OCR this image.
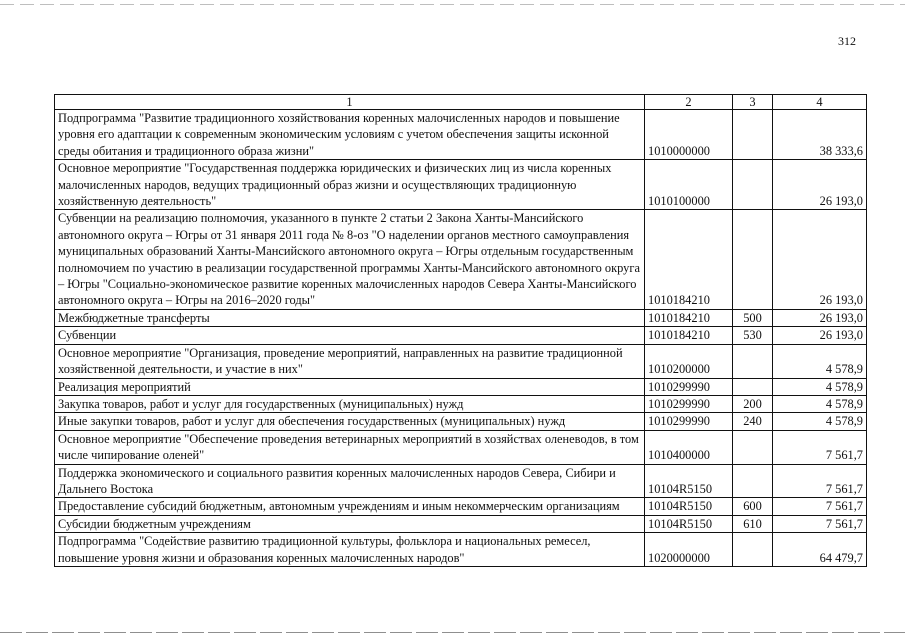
312
1	2	3	4
Подпрограмма "Развитие традиционного хозяйствования коренных малочисленных народов и повышение уровня его адаптации к современным экономическим условиям с учетом обеспечения защиты исконной среды обитания и традиционного образа жизни"	1010000000		38 333,6
Основное мероприятие "Государственная поддержка юридических и физических лиц из числа коренных малочисленных народов, ведущих традиционный образ жизни и осуществляющих традиционную хозяйственную деятельность"	1010100000		26 193,0
Субвенции на реализацию полномочия, указанного в пункте 2 статьи 2 Закона Ханты-Мансийского автономного округа – Югры от 31 января 2011 года № 8-оз "О наделении органов местного самоуправления муниципальных образований Ханты-Мансийского автономного округа – Югры отдельным государственным полномочием по участию в реализации государственной программы Ханты-Мансийского автономного округа – Югры "Социально-экономическое развитие коренных малочисленных народов Севера Ханты-Мансийского автономного округа – Югры на 2016–2020 годы"	1010184210		26 193,0
Межбюджетные трансферты	1010184210	500	26 193,0
Субвенции	1010184210	530	26 193,0
Основное мероприятие "Организация, проведение мероприятий, направленных на развитие традиционной хозяйственной деятельности, и участие в них"	1010200000		4 578,9
Реализация мероприятий	1010299990		4 578,9
Закупка товаров, работ и услуг для государственных (муниципальных) нужд	1010299990	200	4 578,9
Иные закупки товаров, работ и услуг для обеспечения государственных (муниципальных) нужд	1010299990	240	4 578,9
Основное мероприятие "Обеспечение проведения ветеринарных мероприятий в хозяйствах оленеводов, в том числе чипирование оленей"	1010400000		7 561,7
Поддержка экономического и социального развития коренных малочисленных народов Севера, Сибири и Дальнего Востока	10104R5150		7 561,7
Предоставление субсидий бюджетным, автономным учреждениям и иным некоммерческим организациям	10104R5150	600	7 561,7
Субсидии бюджетным учреждениям	10104R5150	610	7 561,7
Подпрограмма "Содействие развитию традиционной культуры, фольклора и национальных ремесел, повышение уровня жизни и образования коренных малочисленных народов"	1020000000		64 479,7
